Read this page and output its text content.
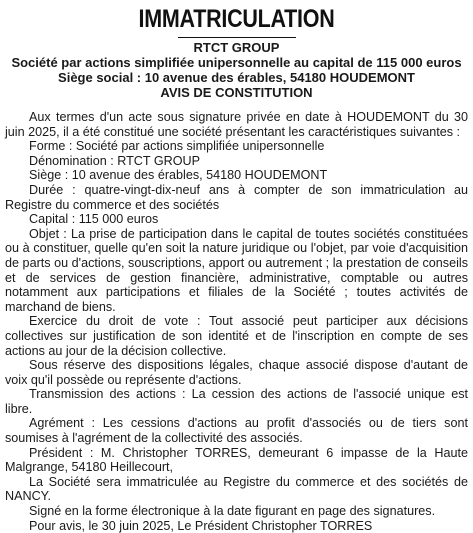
IMMATRICULATION
RTCT GROUP
Société par actions simplifiée unipersonnelle au capital de 115 000 euros
Siège social : 10 avenue des érables, 54180 HOUDEMONT
AVIS DE CONSTITUTION

Aux termes d'un acte sous signature privée en date à HOUDEMONT du 30 juin 2025, il a été constitué une société présentant les caractéristiques suivantes :

Forme : Société par actions simplifiée unipersonnelle

Dénomination : RTCT GROUP

Siège : 10 avenue des érables, 54180 HOUDEMONT

Durée : quatre-vingt-dix-neuf ans à compter de son immatriculation au Registre du commerce et des sociétés

Capital : 115 000 euros

Objet : La prise de participation dans le capital de toutes sociétés constituées ou à constituer, quelle qu'en soit la nature juridique ou l'objet, par voie d'acquisition de parts ou d'actions, souscriptions, apport ou autrement ; la prestation de conseils et de services de gestion financière, administrative, comptable ou autres notamment aux participations et filiales de la Société ; toutes activités de marchand de biens.

Exercice du droit de vote : Tout associé peut participer aux décisions collectives sur justification de son identité et de l'inscription en compte de ses actions au jour de la décision collective.

Sous réserve des dispositions légales, chaque associé dispose d'autant de voix qu'il possède ou représente d'actions.

Transmission des actions : La cession des actions de l'associé unique est libre.

Agrément : Les cessions d'actions au profit d'associés ou de tiers sont soumises à l'agrément de la collectivité des associés.

Président : M. Christopher TORRES, demeurant 6 impasse de la Haute Malgrange, 54180 Heillecourt,

La Société sera immatriculée au Registre du commerce et des sociétés de NANCY.

Signé en la forme électronique à la date figurant en page des signatures.

Pour avis, le 30 juin 2025, Le Président Christopher TORRES
